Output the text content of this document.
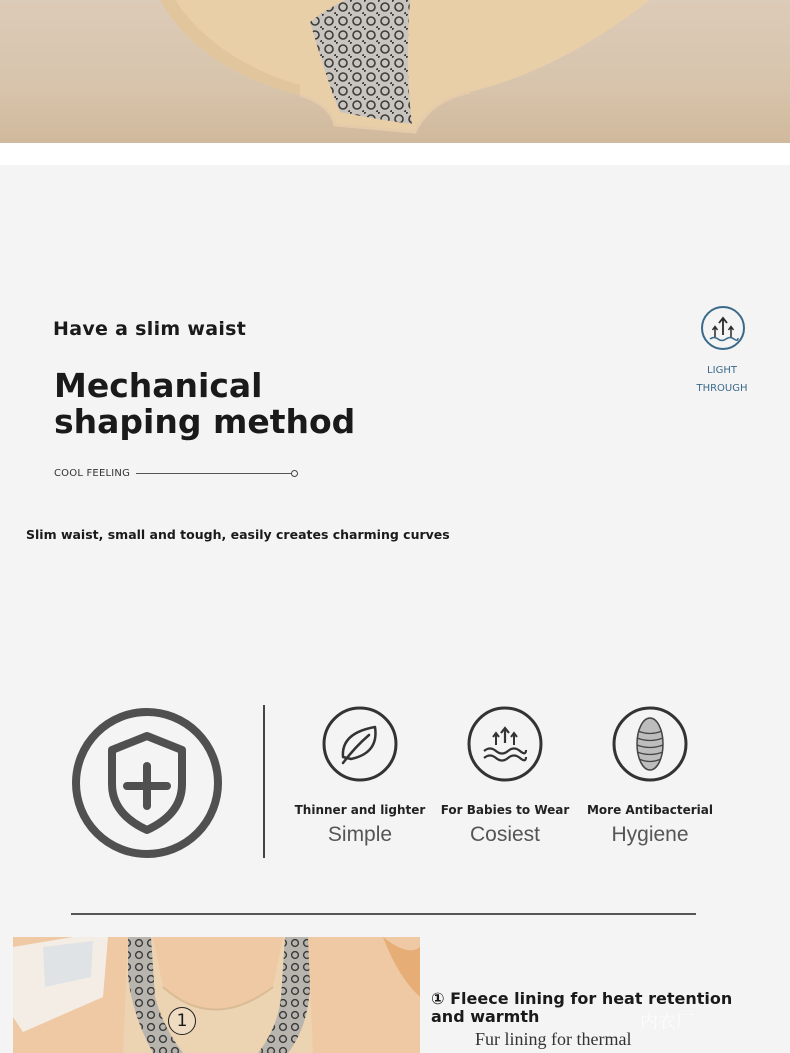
Have a slim waist
Mechanical shaping method
COOL FEELING
Slim waist, small and tough, easily creates charming curves
LIGHT
THROUGH
Thinner and lighter
Simple
For Babies to Wear
Cosiest
More Antibacterial
Hygiene
1
① Fleece lining for heat retention and warmth	内衣厂
Fur lining for thermal
